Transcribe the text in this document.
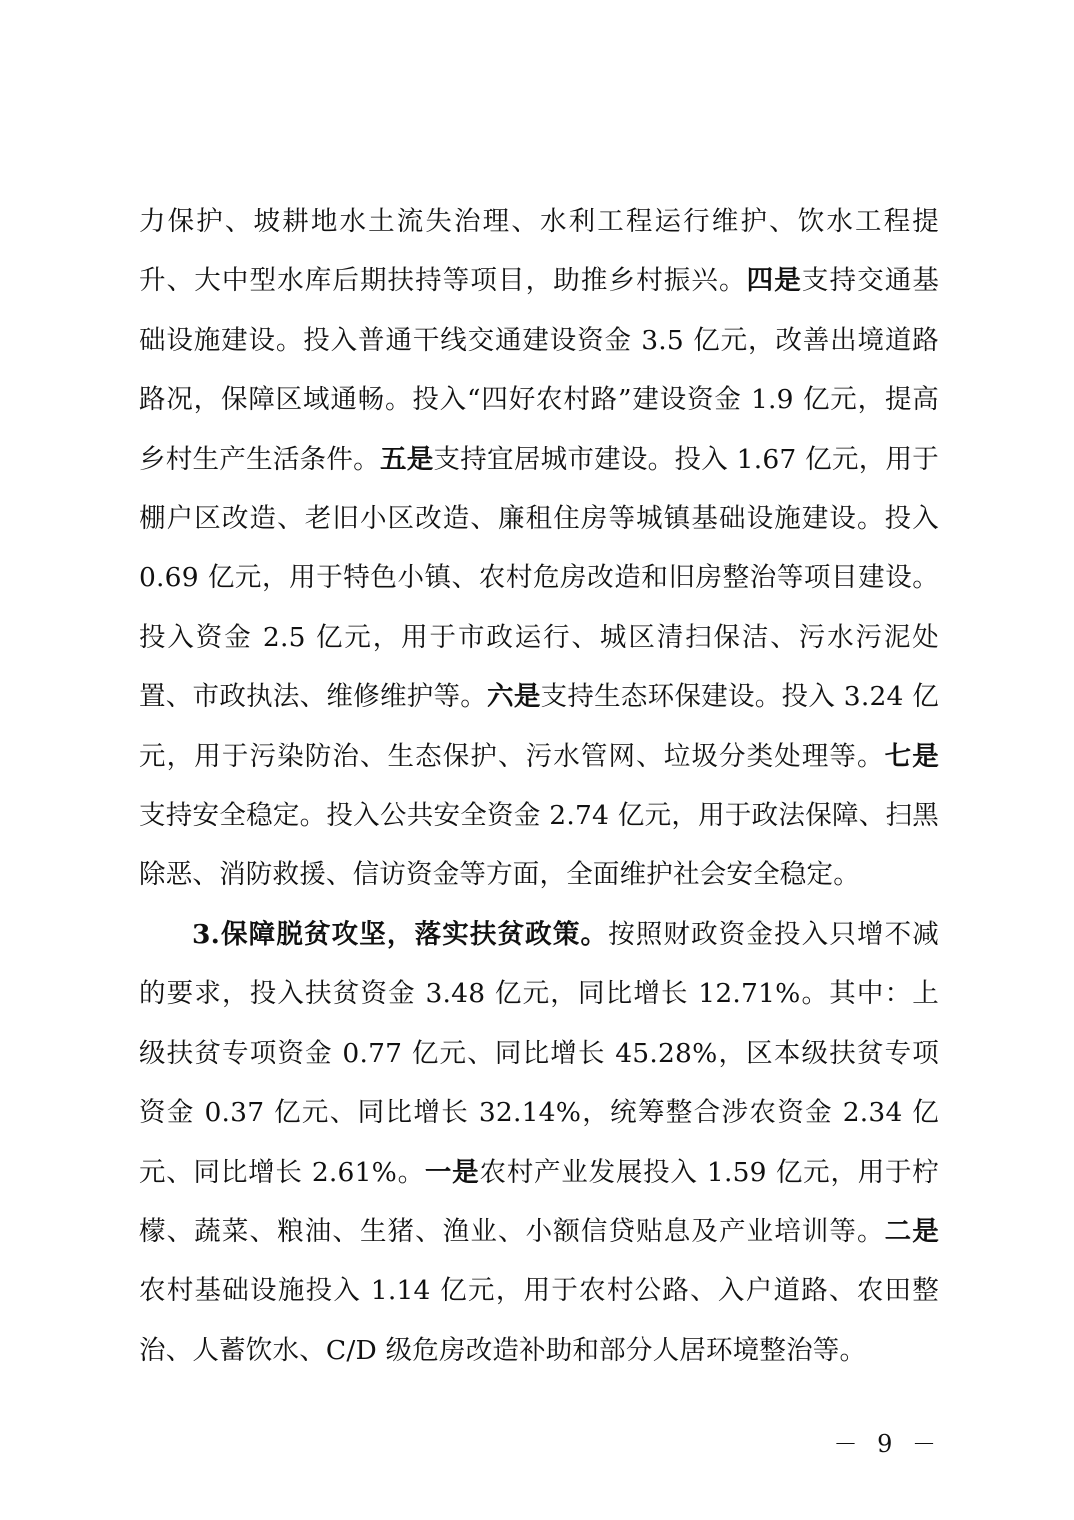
力保护、坡耕地水土流失治理、水利工程运行维护、饮水工程提升、大中型水库后期扶持等项目，助推乡村振兴。四是支持交通基础设施建设。投入普通干线交通建设资金 3.5 亿元，改善出境道路路况，保障区域通畅。投入“四好农村路”建设资金 1.9 亿元，提高乡村生产生活条件。五是支持宜居城市建设。投入 1.67 亿元，用于棚户区改造、老旧小区改造、廉租住房等城镇基础设施建设。投入 0.69 亿元，用于特色小镇、农村危房改造和旧房整治等项目建设。投入资金 2.5 亿元，用于市政运行、城区清扫保洁、污水污泥处置、市政执法、维修维护等。六是支持生态环保建设。投入 3.24 亿元，用于污染防治、生态保护、污水管网、垃圾分类处理等。七是支持安全稳定。投入公共安全资金 2.74 亿元，用于政法保障、扫黑除恶、消防救援、信访资金等方面，全面维护社会安全稳定。

3.保障脱贫攻坚，落实扶贫政策。按照财政资金投入只增不减的要求，投入扶贫资金 3.48 亿元，同比增长 12.71%。其中：上级扶贫专项资金 0.77 亿元、同比增长 45.28%，区本级扶贫专项资金 0.37 亿元、同比增长 32.14%，统筹整合涉农资金 2.34 亿元、同比增长 2.61%。一是农村产业发展投入 1.59 亿元，用于柠檬、蔬菜、粮油、生猪、渔业、小额信贷贴息及产业培训等。二是农村基础设施投入 1.14 亿元，用于农村公路、入户道路、农田整治、人蓄饮水、C/D 级危房改造补助和部分人居环境整治等。

－ 9 －
